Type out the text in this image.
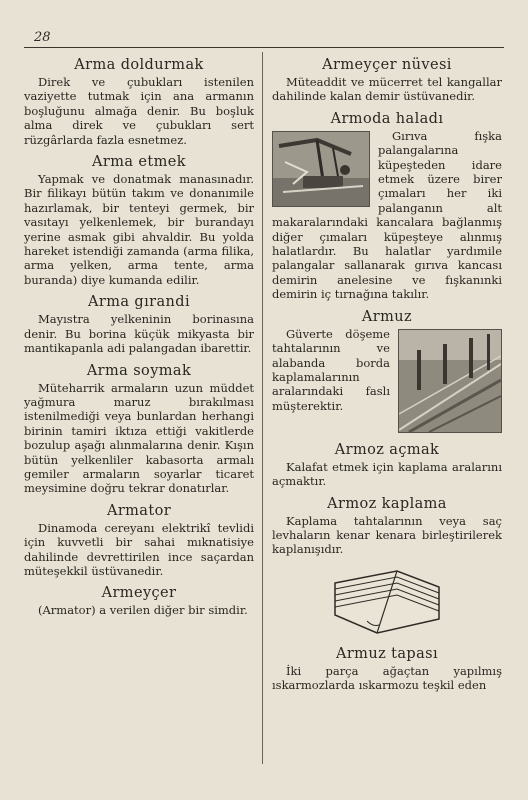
28
Arma doldurmak

Direk ve çubukları istenilen vaziyette tutmak için ana armanın boşluğunu almağa denir. Bu boşluk alma direk ve çubukları sert rüzgârlarda fazla esnetmez.

Arma etmek

Yapmak ve donatmak manasınadır. Bir filikayı bütün takım ve donanımile hazırlamak, bir tenteyi germek, bir vasıtayı yelkenlemek, bir burandayı yerine asmak gibi ahvaldir. Bu yolda hareket istendiği zamanda (arma filika, arma yelken, arma tente, arma buranda) diye kumanda edilir.

Arma gırandi

Mayıstra yelkeninin borinasına denir. Bu borina küçük mikyasta bir mantikapanla adi palangadan ibarettir.

Arma soymak

Müteharrik armaların uzun müddet yağmura maruz bırakılması istenilmediği veya bunlardan herhangi birinin tamiri iktıza ettiği vakitlerde bozulup aşağı alınmalarına denir. Kışın bütün yelkenliler kabasorta armalı gemiler armaların soyarlar ticaret meysimine doğru tekrar donatırlar.

Armator

Dinamoda cereyanı elektrikî tevlidi için kuvvetli bir sahai mıknatisiye dahilinde devrettirilen ince saçardan müteşekkil üstüvanedir.

Armeyçer

(Armator) a verilen diğer bir simdir.

Armeyçer nüvesi

Müteaddit ve mücerret tel kangallar dahilinde kalan demir üstüvanedir.

Armoda haladı

Gırıva fışka palangalarına küpeşteden idare etmek üzere birer çımaları her iki palanganın alt makaralarındaki kancalara bağlanmış diğer çımaları küpeşteye alınmış halatlardır. Bu halatlar yardımile palangalar sallanarak gırıva kancası demirin anelesine ve fışkanınki demirin iç tırnağına takılır.

Armuz

Güverte döşeme tahtalarının ve alabanda borda kaplamalarının aralarındaki faslı müşterektir.

Armoz açmak

Kalafat etmek için kaplama aralarını açmaktır.

Armoz kaplama

Kaplama tahtalarının veya saç levhaların kenar kenara birleştirilerek kaplanışıdır.

Armuz tapası

İki parça ağaçtan yapılmış ıskarmozlarda ıskarmozu teşkil eden
